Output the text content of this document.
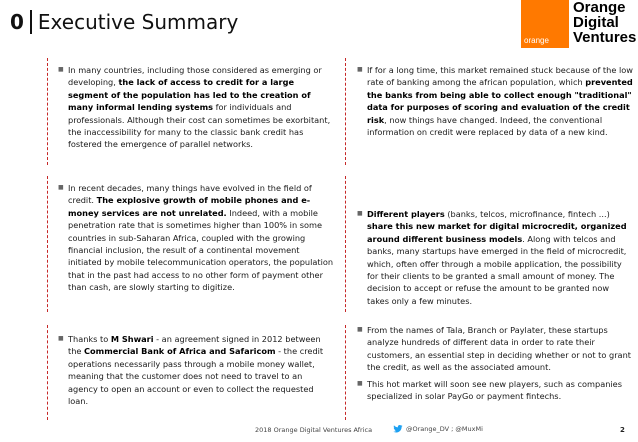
0 Executive Summary
orange
Orange
Digital
Ventures
■ In many countries, including those considered as emerging or developing, the lack of access to credit for a large segment of the population has led to the creation of many informal lending systems for individuals and professionals. Although their cost can sometimes be exorbitant, the inaccessibility for many to the classic bank credit has fostered the emergence of parallel networks.
■ If for a long time, this market remained stuck because of the low rate of banking among the african population, which prevented the banks from being able to collect enough "traditional" data for purposes of scoring and evaluation of the credit risk, now things have changed. Indeed, the conventional information on credit were replaced by data of a new kind.
■ In recent decades, many things have evolved in the field of credit. The explosive growth of mobile phones and e-money services are not unrelated. Indeed, with a mobile penetration rate that is sometimes higher than 100% in some countries in sub-Saharan Africa, coupled with the growing financial inclusion, the result of a continental movement initiated by mobile telecommunication operators, the population that in the past had access to no other form of payment other than cash, are slowly starting to digitize.
■ Different players (banks, telcos, microfinance, fintech ...) share this new market for digital microcredit, organized around different business models. Along with telcos and banks, many startups have emerged in the field of microcredit, which, often offer through a mobile application, the possibility for their clients to be granted a small amount of money. The decision to accept or refuse the amount to be granted now takes only a few minutes.
■ Thanks to M Shwari - an agreement signed in 2012 between the Commercial Bank of Africa and Safaricom - the credit operations necessarily pass through a mobile money wallet, meaning that the customer does not need to travel to an agency to open an account or even to collect the requested loan.
■ From the names of Tala, Branch or Paylater, these startups analyze hundreds of different data in order to rate their customers, an essential step in deciding whether or not to grant the credit, as well as the associated amount.
■ This hot market will soon see new players, such as companies specialized in solar PayGo or payment fintechs.
2018 Orange Digital Ventures Africa	@Orange_DV ; @MuxMi	2
